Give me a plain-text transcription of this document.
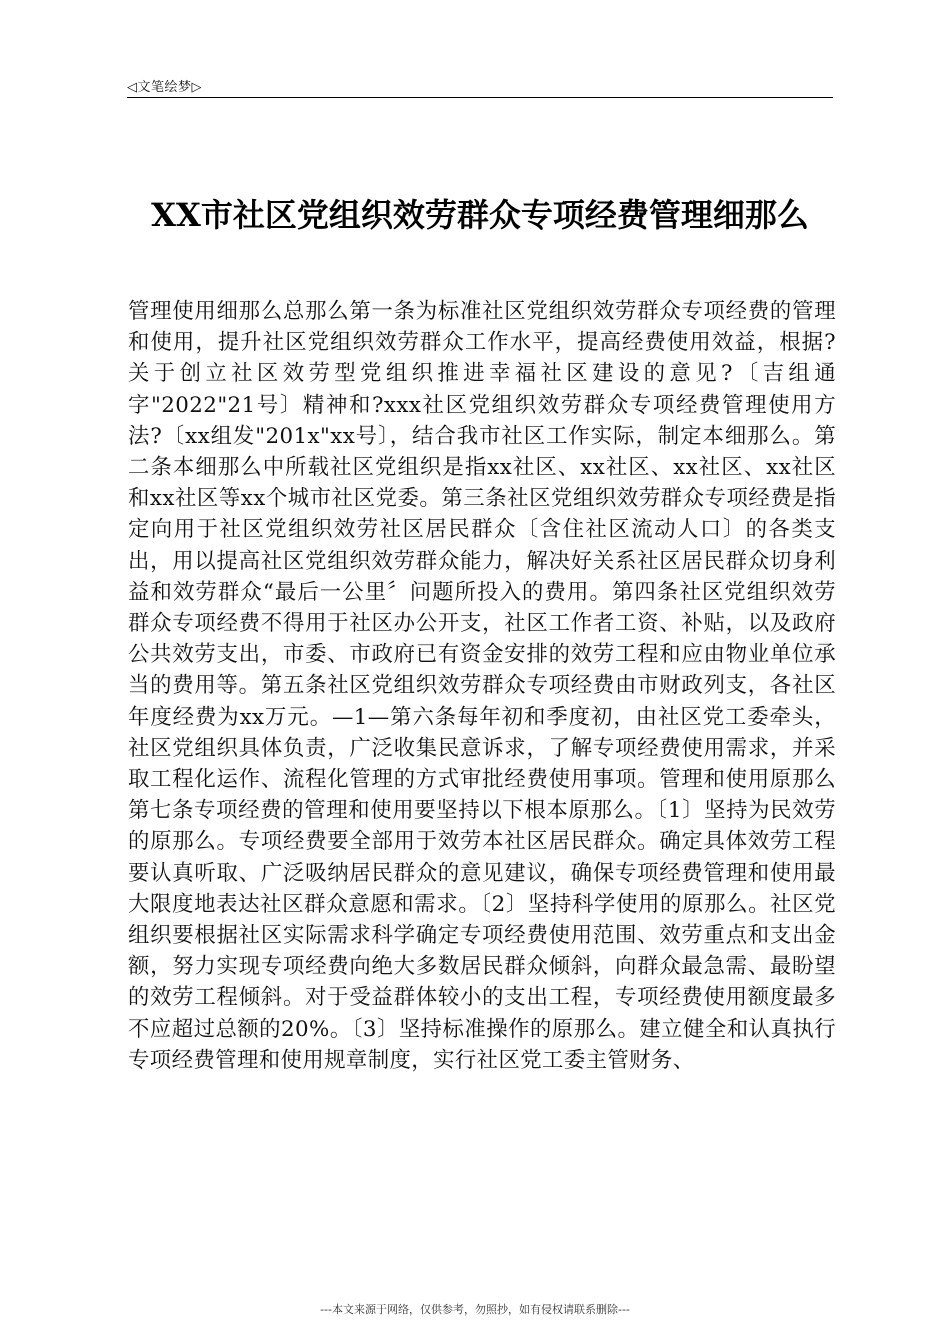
◁文笔绘梦▷
XX市社区党组织效劳群众专项经费管理细那么

管理使用细那么总那么第一条为标准社区党组织效劳群众专项经费的管理和使用，提升社区党组织效劳群众工作水平，提高经费使用效益，根据?关于创立社区效劳型党组织推进幸福社区建设的意见?〔吉组通字"2022"21号〕精神和?xxx社区党组织效劳群众专项经费管理使用方法?〔xx组发"201x"xx号〕，结合我市社区工作实际，制定本细那么。第二条本细那么中所载社区党组织是指xx社区、xx社区、xx社区、xx社区和xx社区等xx个城市社区党委。第三条社区党组织效劳群众专项经费是指定向用于社区党组织效劳社区居民群众〔含住社区流动人口〕的各类支出，用以提高社区党组织效劳群众能力，解决好关系社区居民群众切身利益和效劳群众“最后一公里〞问题所投入的费用。第四条社区党组织效劳群众专项经费不得用于社区办公开支，社区工作者工资、补贴，以及政府公共效劳支出，市委、市政府已有资金安排的效劳工程和应由物业单位承当的费用等。第五条社区党组织效劳群众专项经费由市财政列支，各社区年度经费为xx万元。—1—第六条每年初和季度初，由社区党工委牵头，社区党组织具体负责，广泛收集民意诉求，了解专项经费使用需求，并采取工程化运作、流程化管理的方式审批经费使用事项。管理和使用原那么第七条专项经费的管理和使用要坚持以下根本原那么。〔1〕坚持为民效劳的原那么。专项经费要全部用于效劳本社区居民群众。确定具体效劳工程要认真听取、广泛吸纳居民群众的意见建议，确保专项经费管理和使用最大限度地表达社区群众意愿和需求。〔2〕坚持科学使用的原那么。社区党组织要根据社区实际需求科学确定专项经费使用范围、效劳重点和支出金额，努力实现专项经费向绝大多数居民群众倾斜，向群众最急需、最盼望的效劳工程倾斜。对于受益群体较小的支出工程，专项经费使用额度最多不应超过总额的20%。〔3〕坚持标准操作的原那么。建立健全和认真执行专项经费管理和使用规章制度，实行社区党工委主管财务、

---本文来源于网络，仅供参考，勿照抄，如有侵权请联系删除---
